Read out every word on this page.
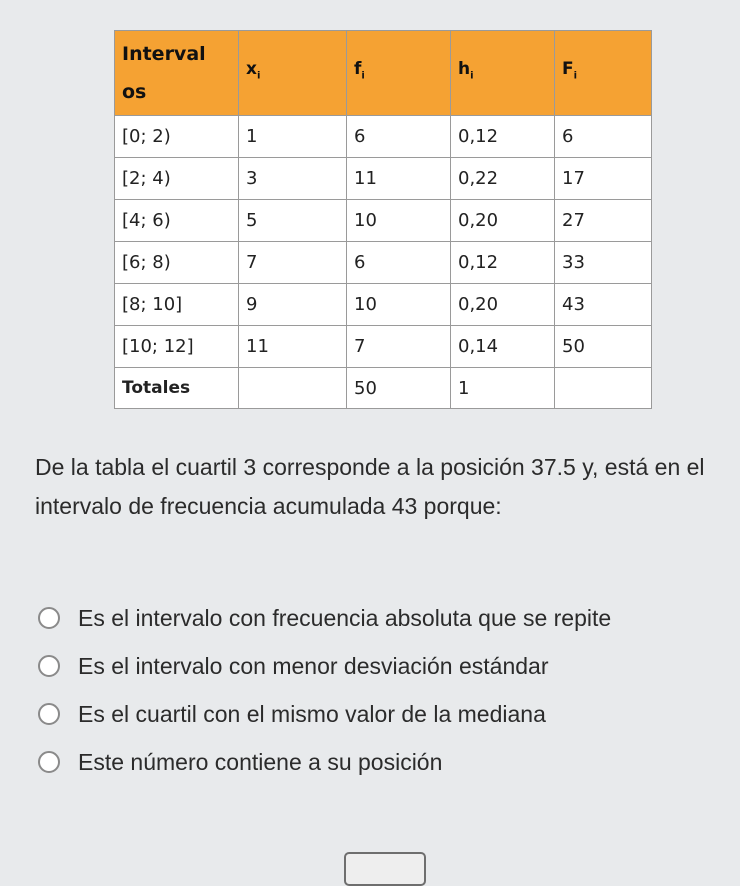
Interval
os	$x_i$	$f_i$	$h_i$	$F_i$
[0; 2)	1	6	0,12	6
[2; 4)	3	11	0,22	17
[4; 6)	5	10	0,20	27
[6; 8)	7	6	0,12	33
[8; 10]	9	10	0,20	43
[10; 12]	11	7	0,14	50
Totales		50	1	
De la tabla el cuartil 3 corresponde a la posición 37.5 y, está en el intervalo de frecuencia acumulada 43 porque:
Es el intervalo con frecuencia absoluta que se repite
Es el intervalo con menor desviación estándar
Es el cuartil con el mismo valor de la mediana
Este número contiene a su posición
